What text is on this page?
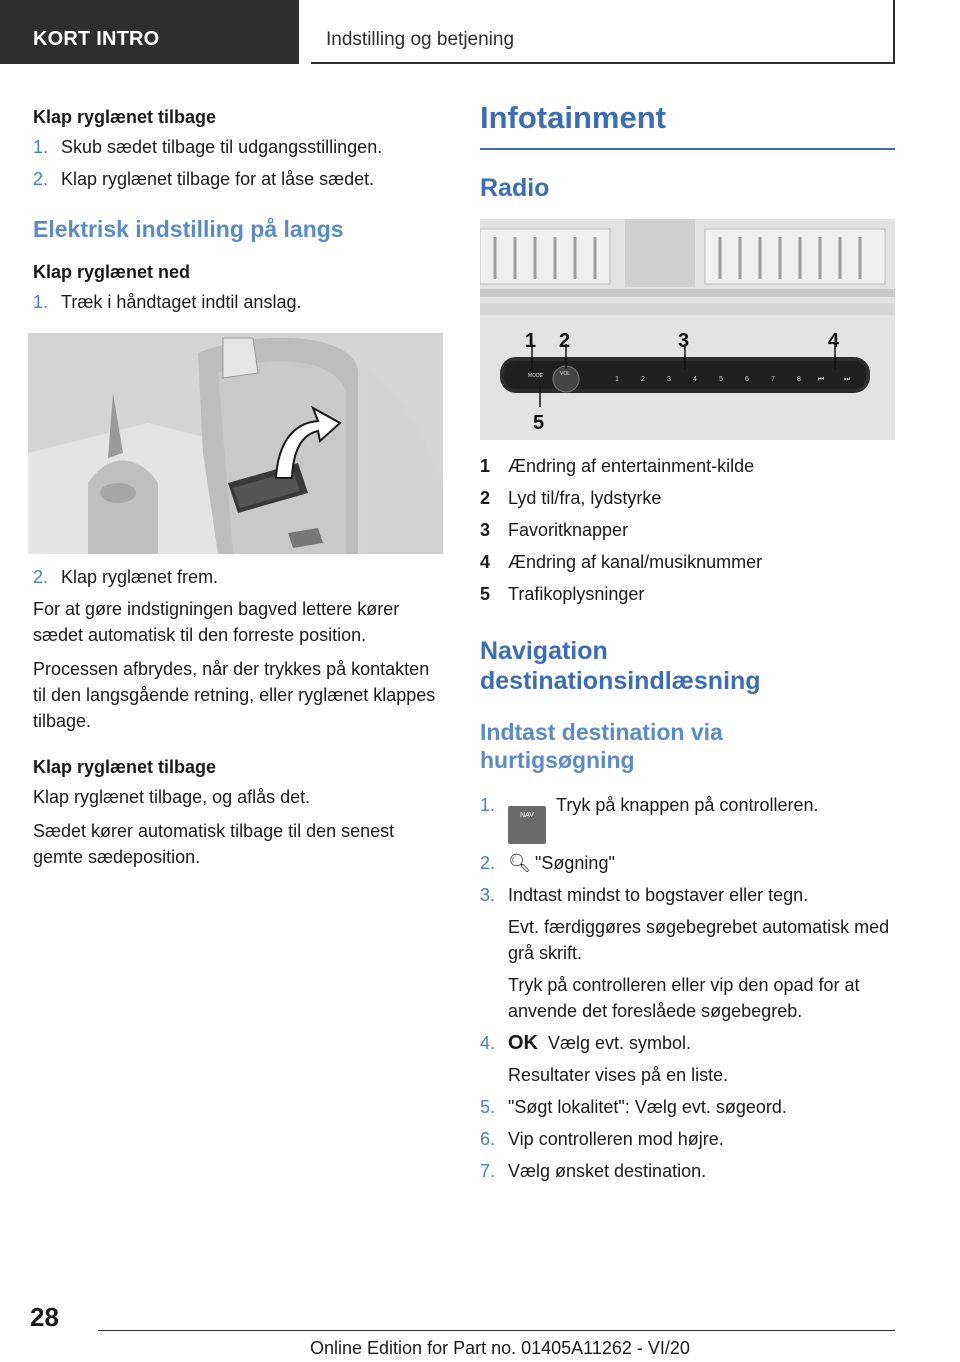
KORT INTRO	Indstilling og betjening

Klap ryglænet tilbage

1. Skub sædet tilbage til udgangsstillingen.
2. Klap ryglænet tilbage for at låse sædet.

Elektrisk indstilling på langs

Klap ryglænet ned

1. Træk i håndtaget indtil anslag.
2. Klap ryglænet frem.

For at gøre indstigningen bagved lettere kører sædet automatisk til den forreste position.

Processen afbrydes, når der trykkes på kontakten til den langsgående retning, eller ryglænet klappes tilbage.

Klap ryglænet tilbage

Klap ryglænet tilbage, og aflås det.

Sædet kører automatisk tilbage til den senest gemte sædeposition.

Infotainment

Radio

MODE	VOL
1	2	3	4	5	6	7	8 ⏮	⏭
1 2	3	4
5
1 Ændring af entertainment-kilde
2 Lyd til/fra, lydstyrke
3 Favoritknapper
4 Ændring af kanal/musiknummer
5 Trafikoplysninger

Navigation destinationsindlæsning

Indtast destination via hurtigsøgning

1.
NAVTryk på knappen på controlleren.
2. 🔍︎ "Søgning"
3. Indtast mindst to bogstaver eller tegn.

Evt. færdiggøres søgebegrebet automatisk med grå skrift.

Tryk på controlleren eller vip den opad for at anvende det foreslåede søgebegreb.

4. OK Vælg evt. symbol.

Resultater vises på en liste.

5. "Søgt lokalitet": Vælg evt. søgeord.
6. Vip controlleren mod højre.
7. Vælg ønsket destination.
28
Online Edition for Part no. 01405A11262 - VI/20
